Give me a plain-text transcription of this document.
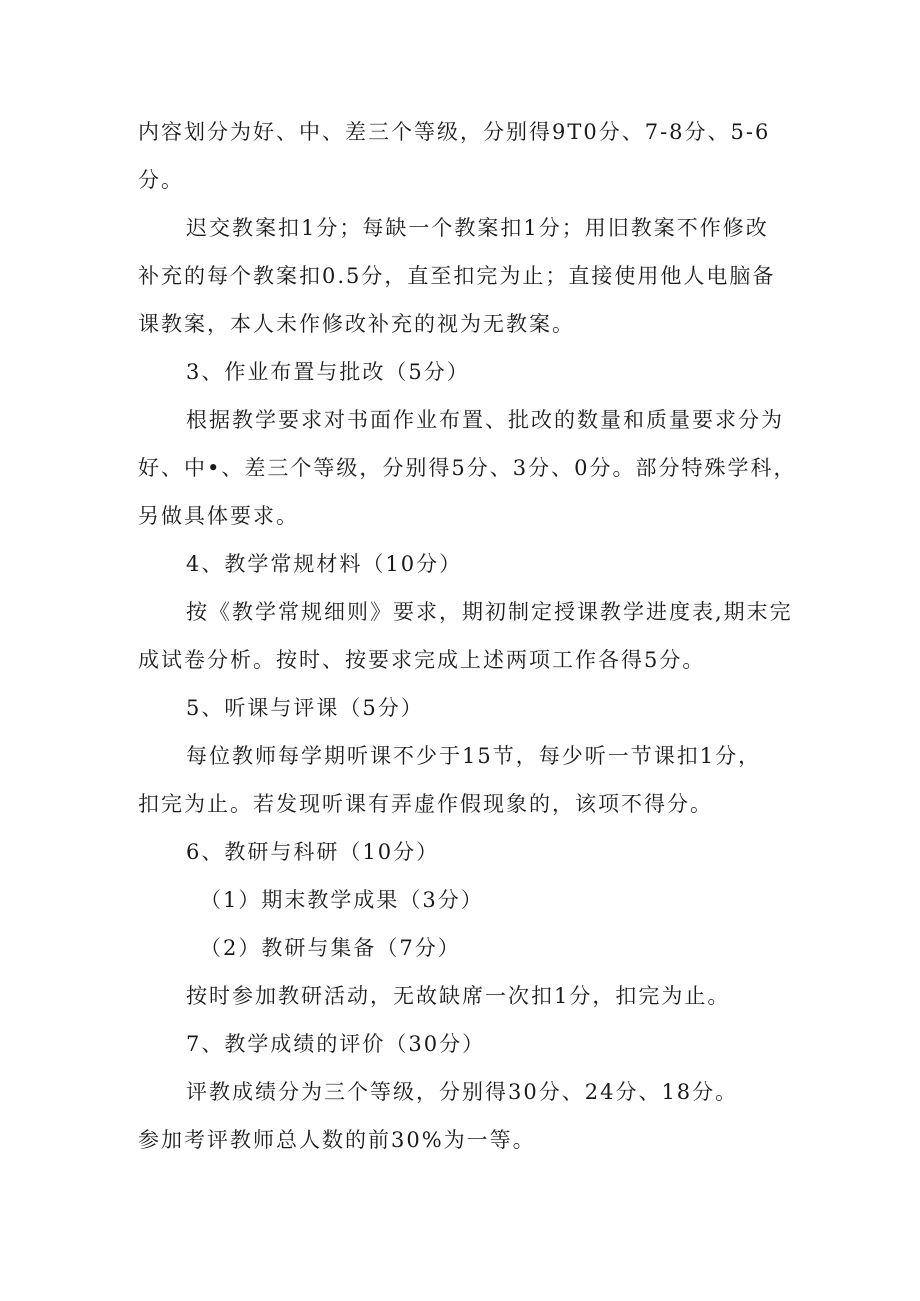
内容划分为好、中、差三个等级，分别得9T0分、7-8分、5-6
分。
迟交教案扣1分；每缺一个教案扣1分；用旧教案不作修改
补充的每个教案扣0.5分，直至扣完为止；直接使用他人电脑备
课教案，本人未作修改补充的视为无教案。
3、作业布置与批改（5分）
根据教学要求对书面作业布置、批改的数量和质量要求分为
好、中•、差三个等级，分别得5分、3分、0分。部分特殊学科，
另做具体要求。
4、教学常规材料（10分）
按《教学常规细则》要求，期初制定授课教学进度表,期末完
成试卷分析。按时、按要求完成上述两项工作各得5分。
5、听课与评课（5分）
每位教师每学期听课不少于15节，每少听一节课扣1分，
扣完为止。若发现听课有弄虚作假现象的，该项不得分。
6、教研与科研（10分）
（1）期末教学成果（3分）
（2）教研与集备（7分）
按时参加教研活动，无故缺席一次扣1分，扣完为止。
7、教学成绩的评价（30分）
评教成绩分为三个等级，分别得30分、24分、18分。
参加考评教师总人数的前30%为一等。
